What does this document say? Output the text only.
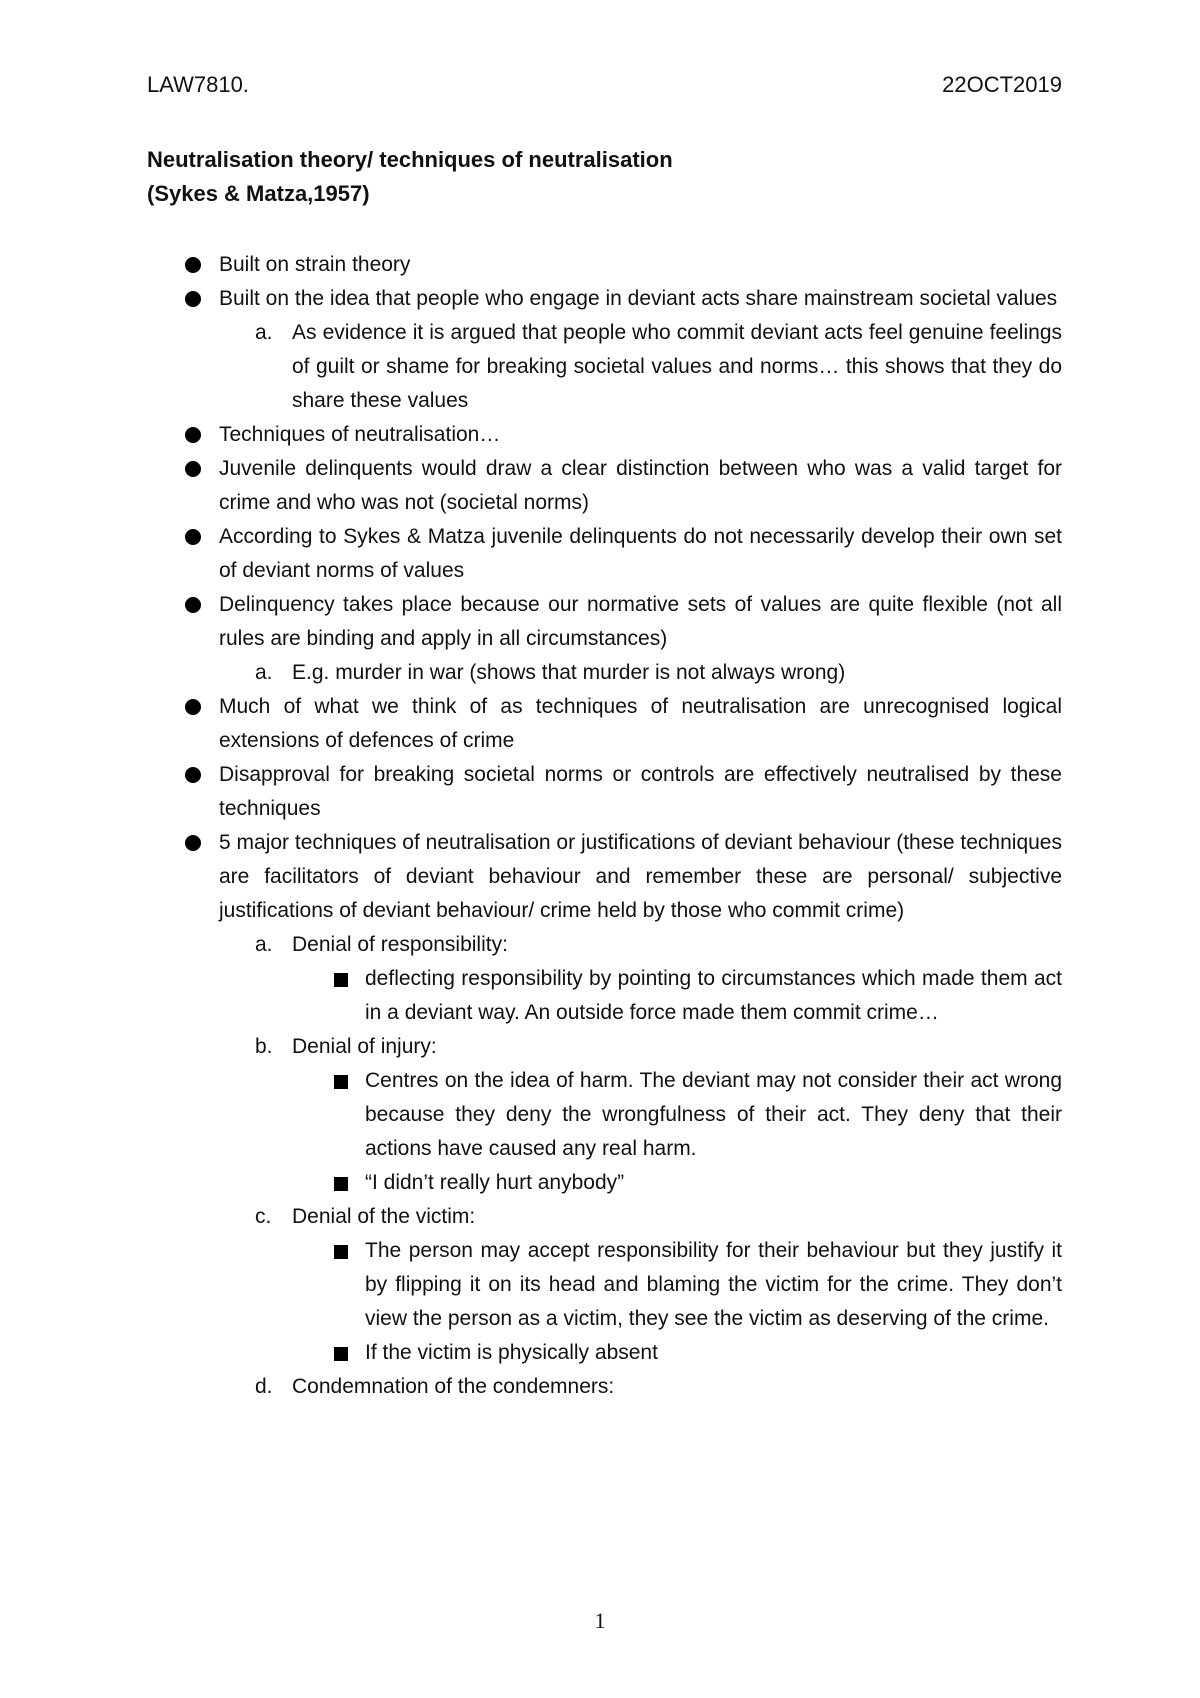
LAW7810.	22OCT2019
Neutralisation theory/ techniques of neutralisation
(Sykes & Matza,1957)
Built on strain theory
Built on the idea that people who engage in deviant acts share mainstream societal values
a. As evidence it is argued that people who commit deviant acts feel genuine feelings of guilt or shame for breaking societal values and norms… this shows that they do share these values
Techniques of neutralisation…
Juvenile delinquents would draw a clear distinction between who was a valid target for crime and who was not (societal norms)
According to Sykes & Matza juvenile delinquents do not necessarily develop their own set of deviant norms of values
Delinquency takes place because our normative sets of values are quite flexible (not all rules are binding and apply in all circumstances)
a. E.g. murder in war (shows that murder is not always wrong)
Much of what we think of as techniques of neutralisation are unrecognised logical extensions of defences of crime
Disapproval for breaking societal norms or controls are effectively neutralised by these techniques
5 major techniques of neutralisation or justifications of deviant behaviour (these techniques are facilitators of deviant behaviour and remember these are personal/ subjective justifications of deviant behaviour/ crime held by those who commit crime)
a. Denial of responsibility:
deflecting responsibility by pointing to circumstances which made them act in a deviant way. An outside force made them commit crime…
b. Denial of injury:
Centres on the idea of harm. The deviant may not consider their act wrong because they deny the wrongfulness of their act. They deny that their actions have caused any real harm.
“I didn’t really hurt anybody”
c. Denial of the victim:
The person may accept responsibility for their behaviour but they justify it by flipping it on its head and blaming the victim for the crime. They don’t view the person as a victim, they see the victim as deserving of the crime.
If the victim is physically absent
d. Condemnation of the condemners:
1
